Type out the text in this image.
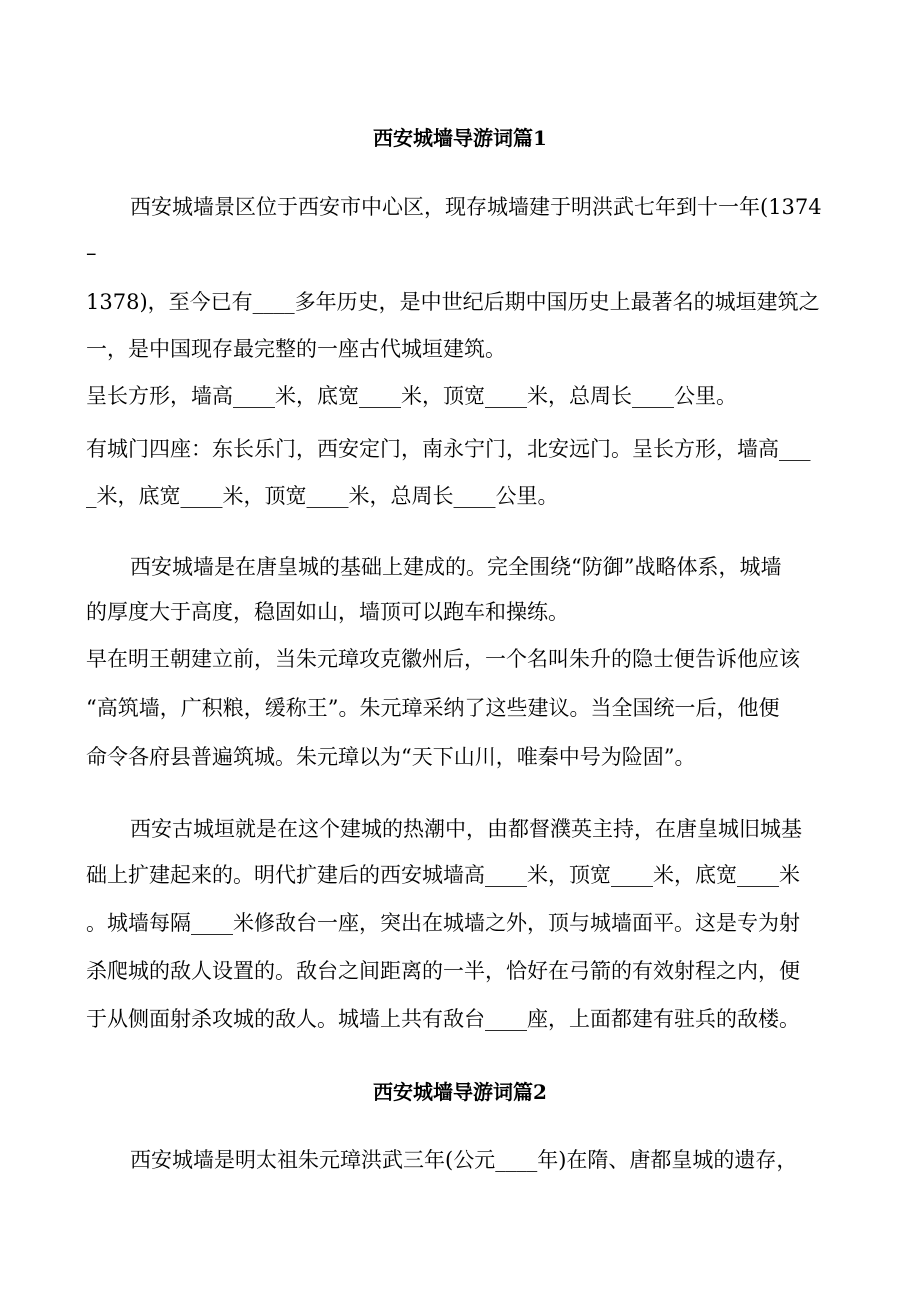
西安城墙导游词篇1
西安城墙景区位于西安市中心区，现存城墙建于明洪武七年到十一年(1374
–
1378)，至今已有____多年历史，是中世纪后期中国历史上最著名的城垣建筑之
一，是中国现存最完整的一座古代城垣建筑。
呈长方形，墙高____米，底宽____米，顶宽____米，总周长____公里。
有城门四座：东长乐门，西安定门，南永宁门，北安远门。呈长方形，墙高___
_米，底宽____米，顶宽____米，总周长____公里。
西安城墙是在唐皇城的基础上建成的。完全围绕“防御”战略体系，城墙
的厚度大于高度，稳固如山，墙顶可以跑车和操练。
早在明王朝建立前，当朱元璋攻克徽州后，一个名叫朱升的隐士便告诉他应该
“高筑墙，广积粮，缓称王”。朱元璋采纳了这些建议。当全国统一后，他便
命令各府县普遍筑城。朱元璋以为“天下山川，唯秦中号为险固”。
西安古城垣就是在这个建城的热潮中，由都督濮英主持，在唐皇城旧城基
础上扩建起来的。明代扩建后的西安城墙高____米，顶宽____米，底宽____米
。城墙每隔____米修敌台一座，突出在城墙之外，顶与城墙面平。这是专为射
杀爬城的敌人设置的。敌台之间距离的一半，恰好在弓箭的有效射程之内，便
于从侧面射杀攻城的敌人。城墙上共有敌台____座，上面都建有驻兵的敌楼。
西安城墙导游词篇2
西安城墙是明太祖朱元璋洪武三年(公元____年)在隋、唐都皇城的遗存，
